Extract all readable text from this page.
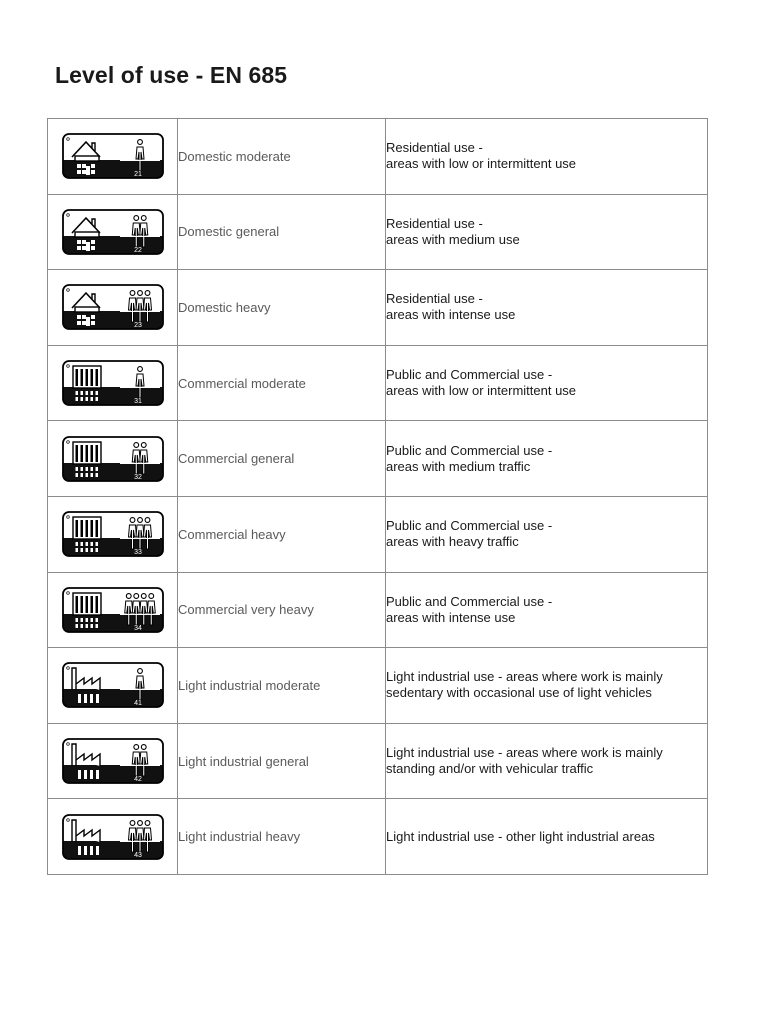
Level of use - EN 685
21	Domestic moderate	Residential use -
areas with low or intermittent use

22	Domestic general	Residential use -
areas with medium use

23	Domestic heavy	Residential use -
areas with intense use

31	Commercial moderate	Public and Commercial use -
areas with low or intermittent use

32	Commercial general	Public and Commercial use -
areas with medium traffic

33	Commercial heavy	Public and Commercial use -
areas with heavy traffic

34	Commercial very heavy	Public and Commercial use -
areas with intense use

41	Light industrial moderate	Light industrial use - areas where work is mainly
sedentary with occasional use of light vehicles

42	Light industrial general	Light industrial use - areas where work is mainly
standing and/or with vehicular traffic

43	Light industrial heavy	Light industrial use - other light industrial areas
